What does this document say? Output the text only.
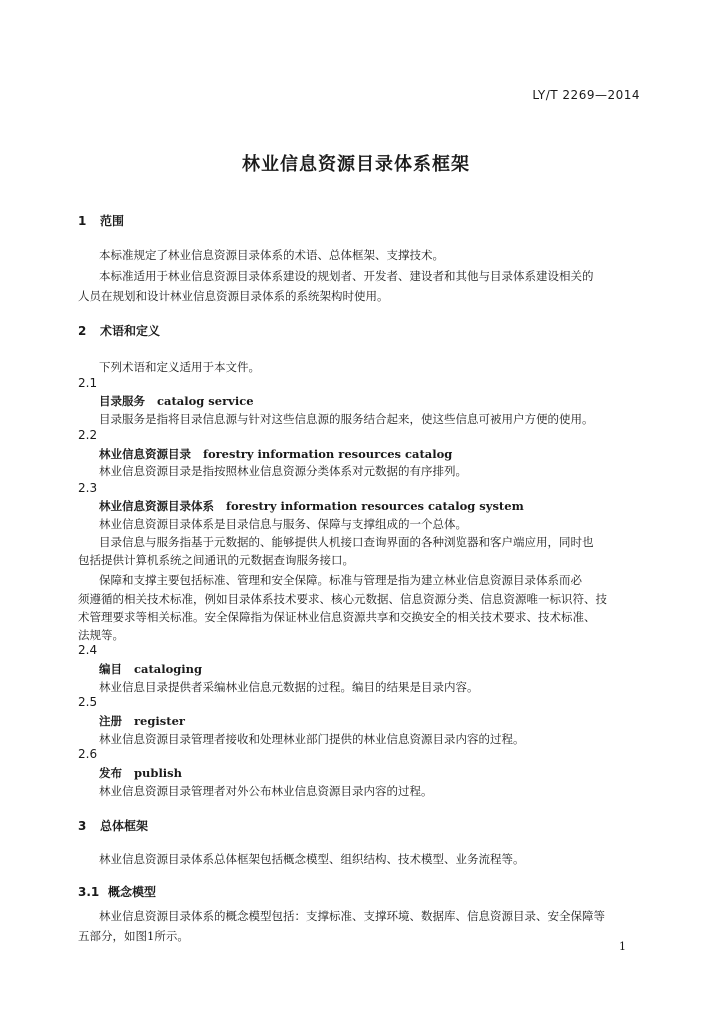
LY/T 2269—2014
林业信息资源目录体系框架
1 范围
本标准规定了林业信息资源目录体系的术语、总体框架、支撑技术。
本标准适用于林业信息资源目录体系建设的规划者、开发者、建设者和其他与目录体系建设相关的
人员在规划和设计林业信息资源目录体系的系统架构时使用。
2 术语和定义
下列术语和定义适用于本文件。
2.1
目录服务 catalog service
目录服务是指将目录信息源与针对这些信息源的服务结合起来，使这些信息可被用户方便的使用。
2.2
林业信息资源目录 forestry information resources catalog
林业信息资源目录是指按照林业信息资源分类体系对元数据的有序排列。
2.3
林业信息资源目录体系 forestry information resources catalog system
林业信息资源目录体系是目录信息与服务、保障与支撑组成的一个总体。
目录信息与服务指基于元数据的、能够提供人机接口查询界面的各种浏览器和客户端应用，同时也
包括提供计算机系统之间通讯的元数据查询服务接口。
保障和支撑主要包括标准、管理和安全保障。标准与管理是指为建立林业信息资源目录体系而必
须遵循的相关技术标准，例如目录体系技术要求、核心元数据、信息资源分类、信息资源唯一标识符、技
术管理要求等相关标准。安全保障指为保证林业信息资源共享和交换安全的相关技术要求、技术标准、
法规等。
2.4
编目 cataloging
林业信息目录提供者采编林业信息元数据的过程。编目的结果是目录内容。
2.5
注册 register
林业信息资源目录管理者接收和处理林业部门提供的林业信息资源目录内容的过程。
2.6
发布 publish
林业信息资源目录管理者对外公布林业信息资源目录内容的过程。
3 总体框架
林业信息资源目录体系总体框架包括概念模型、组织结构、技术模型、业务流程等。
3.1 概念模型
林业信息资源目录体系的概念模型包括：支撑标准、支撑环境、数据库、信息资源目录、安全保障等
五部分，如图1所示。
1
